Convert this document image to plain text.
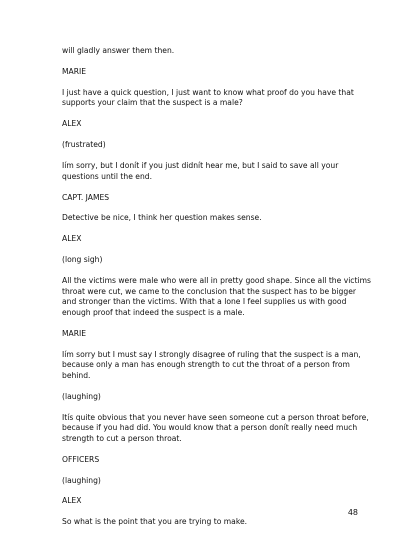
will gladly answer them then.

MARIE

I just have a quick question, I just want to know what proof do you have that supports your claim that the suspect is a male?

ALEX

(frustrated)

Iím sorry, but I donít if you just didnít hear me, but I said to save all your questions until the end.

CAPT. JAMES

Detective be nice, I think her question makes sense.

ALEX

(long sigh)

All the victims were male who were all in pretty good shape. Since all the victims throat were cut, we came to the conclusion that the suspect has to be bigger and stronger than the victims. With that a lone I feel supplies us with good enough proof that indeed the suspect is a male.

MARIE

Iím sorry but I must say I strongly disagree of ruling that the suspect is a man, because only a man has enough strength to cut the throat of a person from behind.

(laughing)

Itís quite obvious that you never have seen someone cut a person throat before, because if you had did. You would know that a person donít really need much strength to cut a person throat.

OFFICERS

(laughing)

ALEX

So what is the point that you are trying to make.

48
